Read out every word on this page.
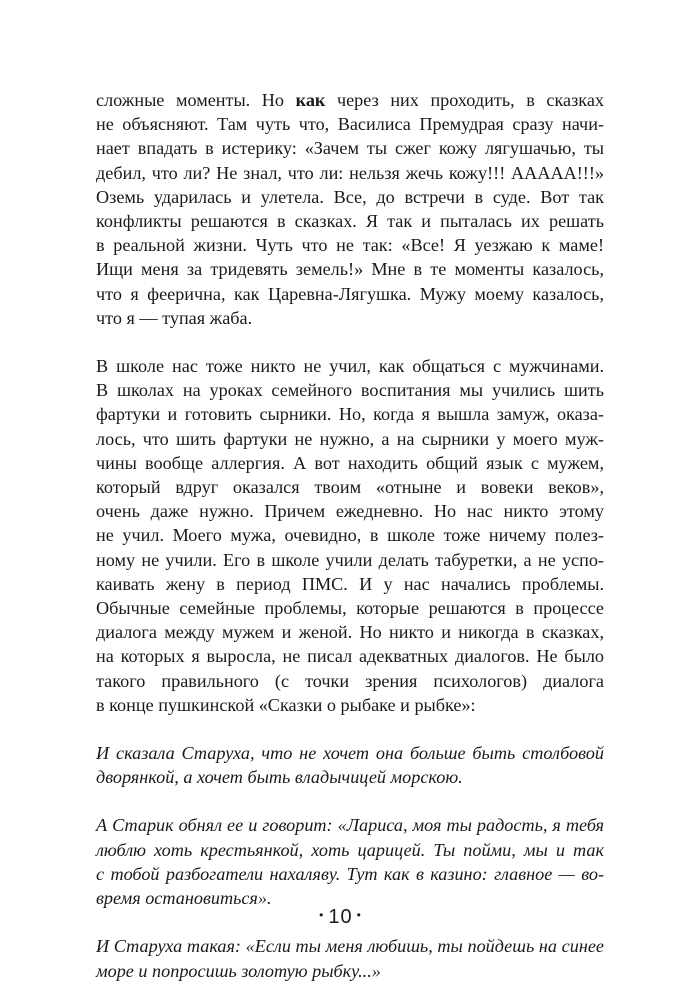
сложные моменты. Но как через них проходить, в сказках

не объясняют. Там чуть что, Василиса Премудрая сразу начи-

нает впадать в истерику: «Зачем ты сжег кожу лягушачью, ты

дебил, что ли? Не знал, что ли: нельзя жечь кожу!!! ААААА!!!»

Оземь ударилась и улетела. Все, до встречи в суде. Вот так

конфликты решаются в сказках. Я так и пыталась их решать

в реальной жизни. Чуть что не так: «Все! Я уезжаю к маме!

Ищи меня за тридевять земель!» Мне в те моменты казалось,

что я феерична, как Царевна-Лягушка. Мужу моему казалось,

что я — тупая жаба.

В школе нас тоже никто не учил, как общаться с мужчинами.

В школах на уроках семейного воспитания мы учились шить

фартуки и готовить сырники. Но, когда я вышла замуж, оказа-

лось, что шить фартуки не нужно, а на сырники у моего муж-

чины вообще аллергия. А вот находить общий язык с мужем,

который вдруг оказался твоим «отныне и вовеки веков»,

очень даже нужно. Причем ежедневно. Но нас никто этому

не учил. Моего мужа, очевидно, в школе тоже ничему полез-

ному не учили. Его в школе учили делать табуретки, а не успо-

каивать жену в период ПМС. И у нас начались проблемы.

Обычные семейные проблемы, которые решаются в процессе

диалога между мужем и женой. Но никто и никогда в сказках,

на которых я выросла, не писал адекватных диалогов. Не было

такого правильного (с точки зрения психологов) диалога

в конце пушкинской «Сказки о рыбаке и рыбке»:

И сказала Старуха, что не хочет она больше быть столбовой

дворянкой, а хочет быть владычицей морскою.

А Старик обнял ее и говорит: «Лариса, моя ты радость, я тебя

люблю хоть крестьянкой, хоть царицей. Ты пойми, мы и так

с тобой разбогатели нахаляву. Тут как в казино: главное — во-

время остановиться».

И Старуха такая: «Если ты меня любишь, ты пойдешь на синее

море и попросишь золотую рыбку...»

• 10 •
